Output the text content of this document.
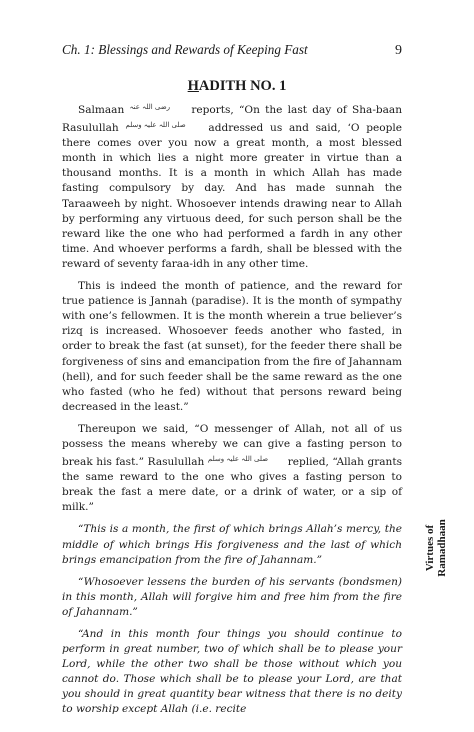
Ch. 1: Blessings and Rewards of Keeping Fast	9
HADITH NO. 1

Salmaan رضی اللہ عنہ reports, “On the last day of Sha-baan Rasulullah صلی اللہ علیہ وسلم addressed us and said, ‘O people there comes over you now a great month, a most blessed month in which lies a night more greater in virtue than a thousand months. It is a month in which Allah has made fasting compulsory by day. And has made sunnah the Taraaweeh by night. Whosoever intends drawing near to Allah by performing any virtuous deed, for such person shall be the reward like the one who had performed a fardh in any other time. And whoever performs a fardh, shall be blessed with the reward of seventy faraa-idh in any other time.

This is indeed the month of patience, and the reward for true patience is Jannah (paradise). It is the month of sympathy with one’s fellowmen. It is the month wherein a true believer’s rizq is increased. Whosoever feeds another who fasted, in order to break the fast (at sunset), for the feeder there shall be forgiveness of sins and emancipation from the fire of Jahannam (hell), and for such feeder shall be the same reward as the one who fasted (who he fed) without that persons reward being decreased in the least.”

Thereupon we said, “O messenger of Allah, not all of us possess the means whereby we can give a fasting person to break his fast.” Rasulullah صلی اللہ علیہ وسلم replied, “Allah grants the same reward to the one who gives a fasting person to break the fast a mere date, or a drink of water, or a sip of milk.”

“This is a month, the first of which brings Allah’s mercy, the middle of which brings His forgiveness and the last of which brings emancipation from the fire of Jahannam.”

“Whosoever lessens the burden of his servants (bondsmen) in this month, Allah will forgive him and free him from the fire of Jahannam.”

“And in this month four things you should continue to perform in great number, two of which shall be to please your Lord, while the other two shall be those without which you cannot do. Those which shall be to please your Lord, are that you should in great quantity bear witness that there is no deity to worship except Allah (i.e. recite

Virtues of Ramadhaan
